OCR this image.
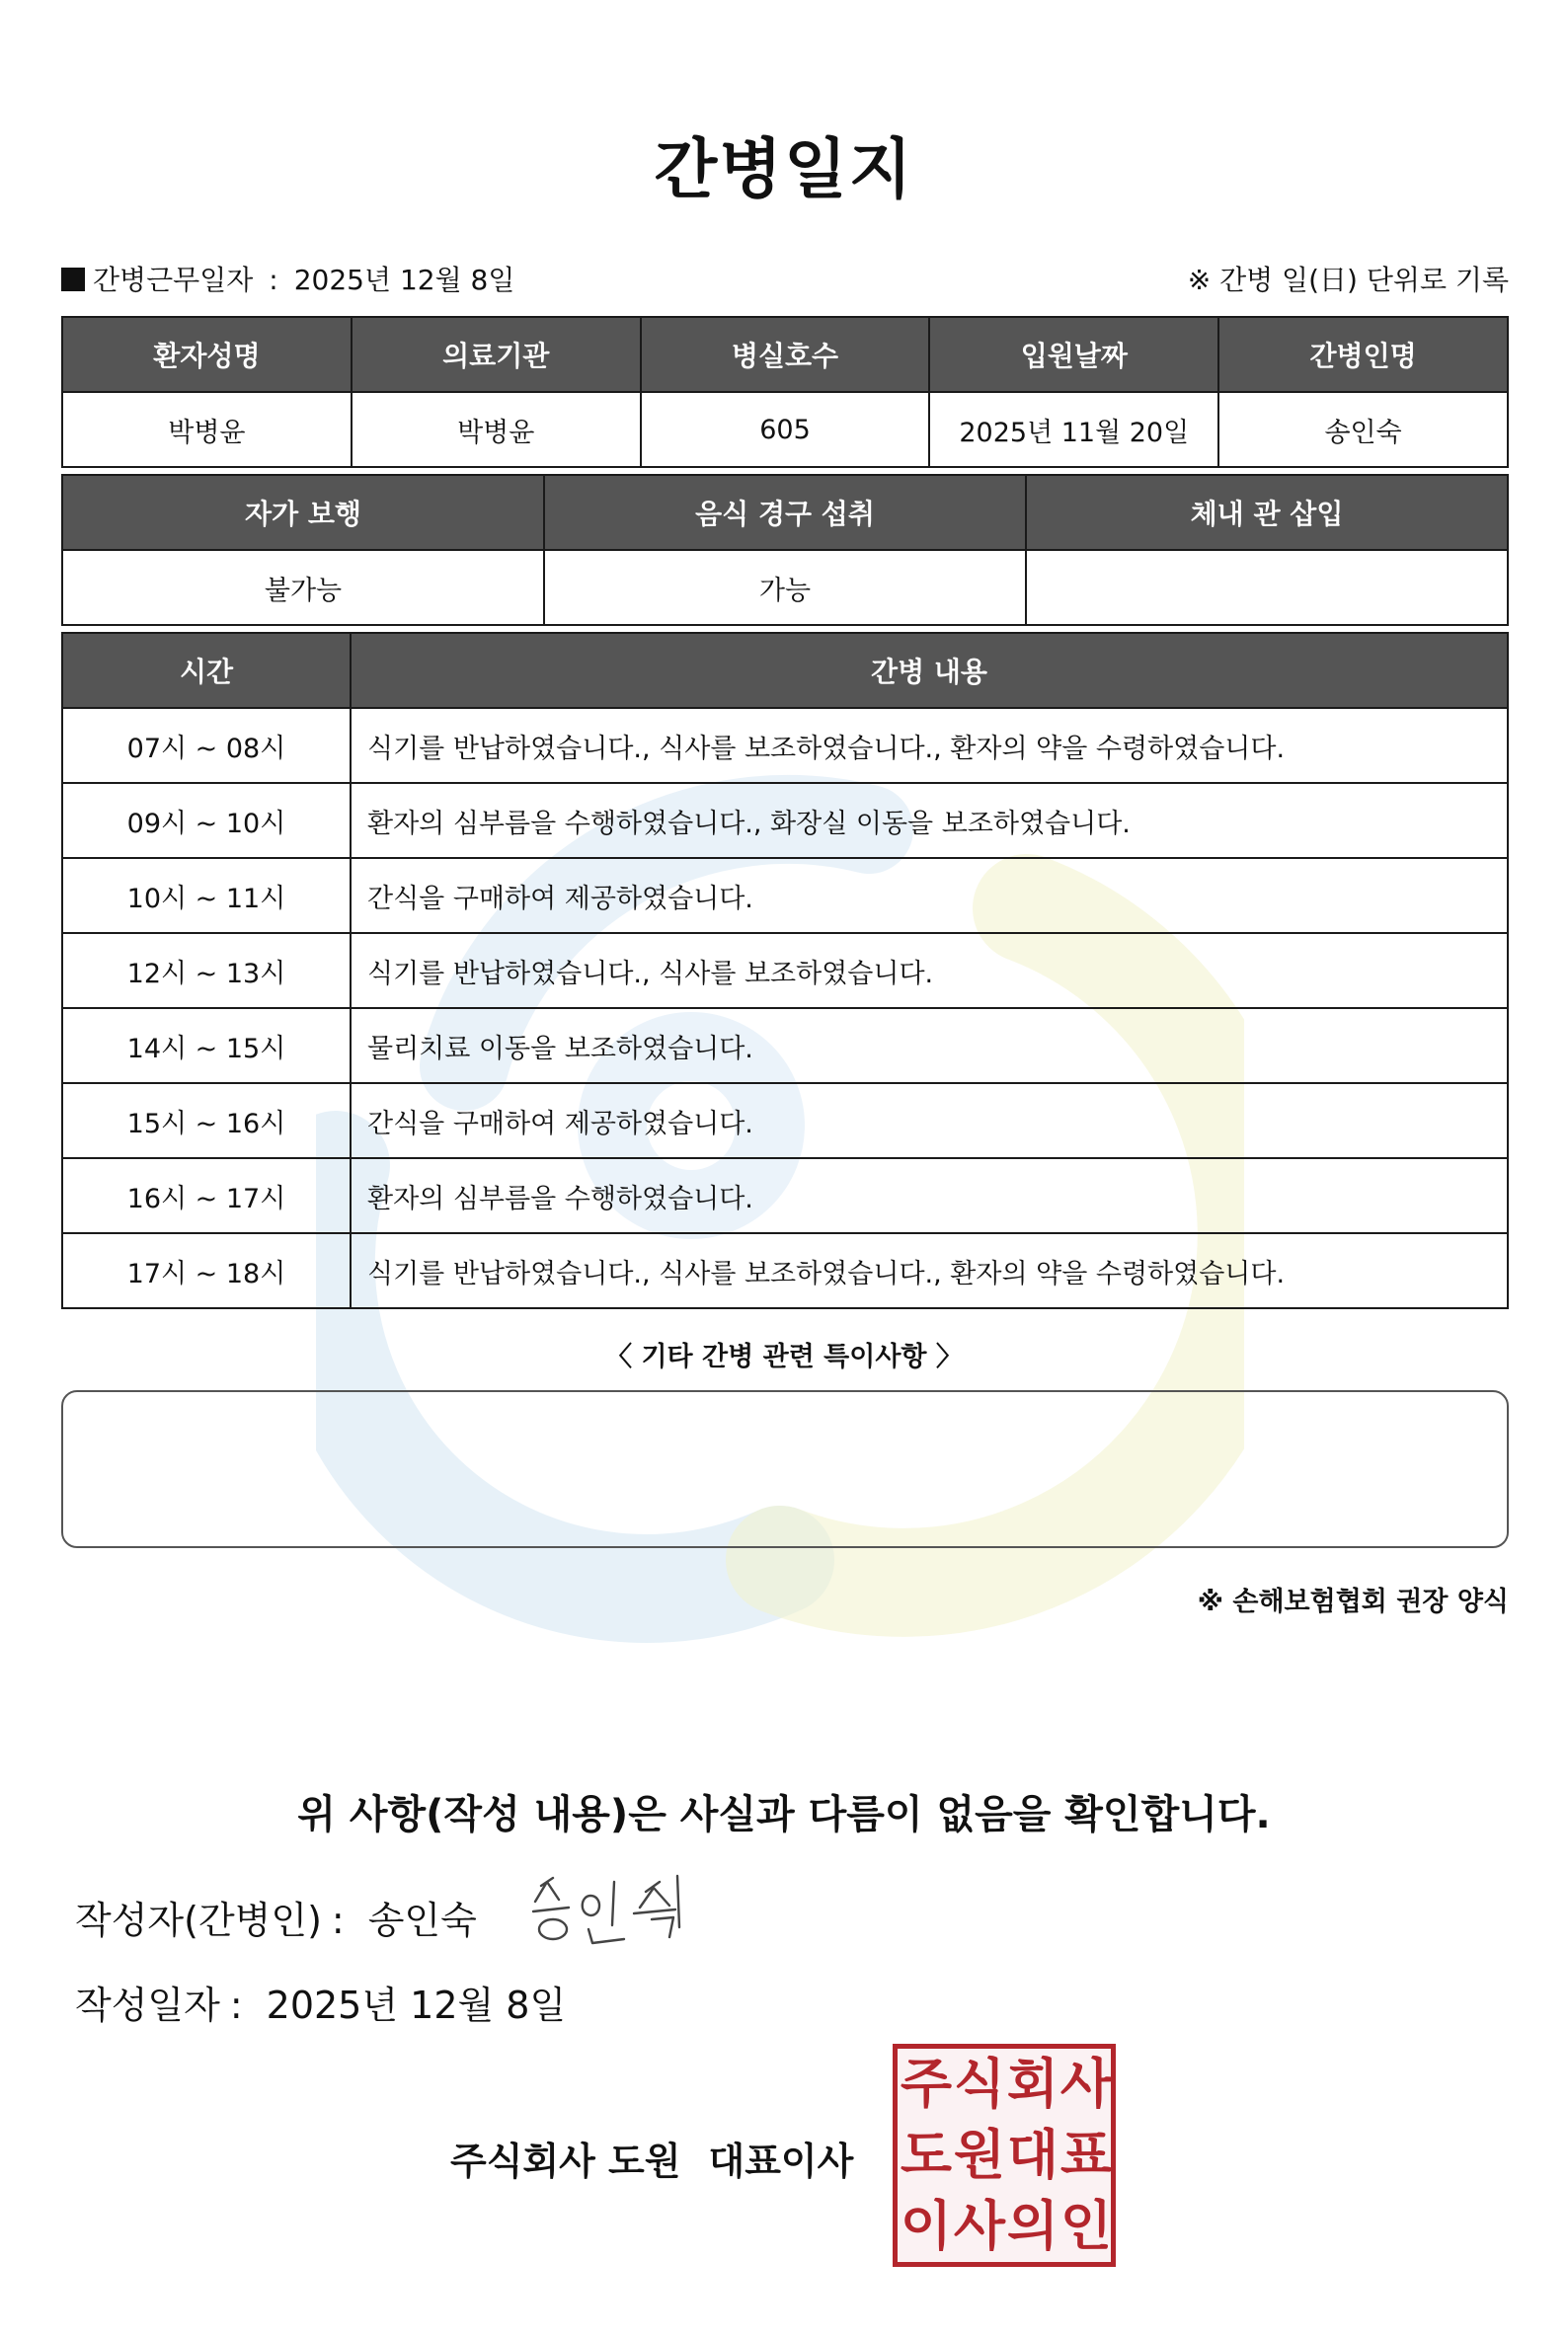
간병일지
간병근무일자 : 2025년 12월 8일	※ 간병 일(日) 단위로 기록
환자성명	의료기관	병실호수	입원날짜	간병인명
박병윤	박병윤	605	2025년 11월 20일	송인숙
자가 보행	음식 경구 섭취	체내 관 삽입
불가능	가능	
시간	간병 내용
07시 ~ 08시	식기를 반납하였습니다., 식사를 보조하였습니다., 환자의 약을 수령하였습니다.
09시 ~ 10시	환자의 심부름을 수행하였습니다., 화장실 이동을 보조하였습니다.
10시 ~ 11시	간식을 구매하여 제공하였습니다.
12시 ~ 13시	식기를 반납하였습니다., 식사를 보조하였습니다.
14시 ~ 15시	물리치료 이동을 보조하였습니다.
15시 ~ 16시	간식을 구매하여 제공하였습니다.
16시 ~ 17시	환자의 심부름을 수행하였습니다.
17시 ~ 18시	식기를 반납하였습니다., 식사를 보조하였습니다., 환자의 약을 수령하였습니다.
〈 기타 간병 관련 특이사항 〉
※ 손해보험협회 권장 양식
위 사항(작성 내용)은 사실과 다름이 없음을 확인합니다.
작성자(간병인) : 송인숙
작성일자 : 2025년 12월 8일
주식회사 도원 대표이사
주 식 회 사
도 원 대 표
이 사 의 인
